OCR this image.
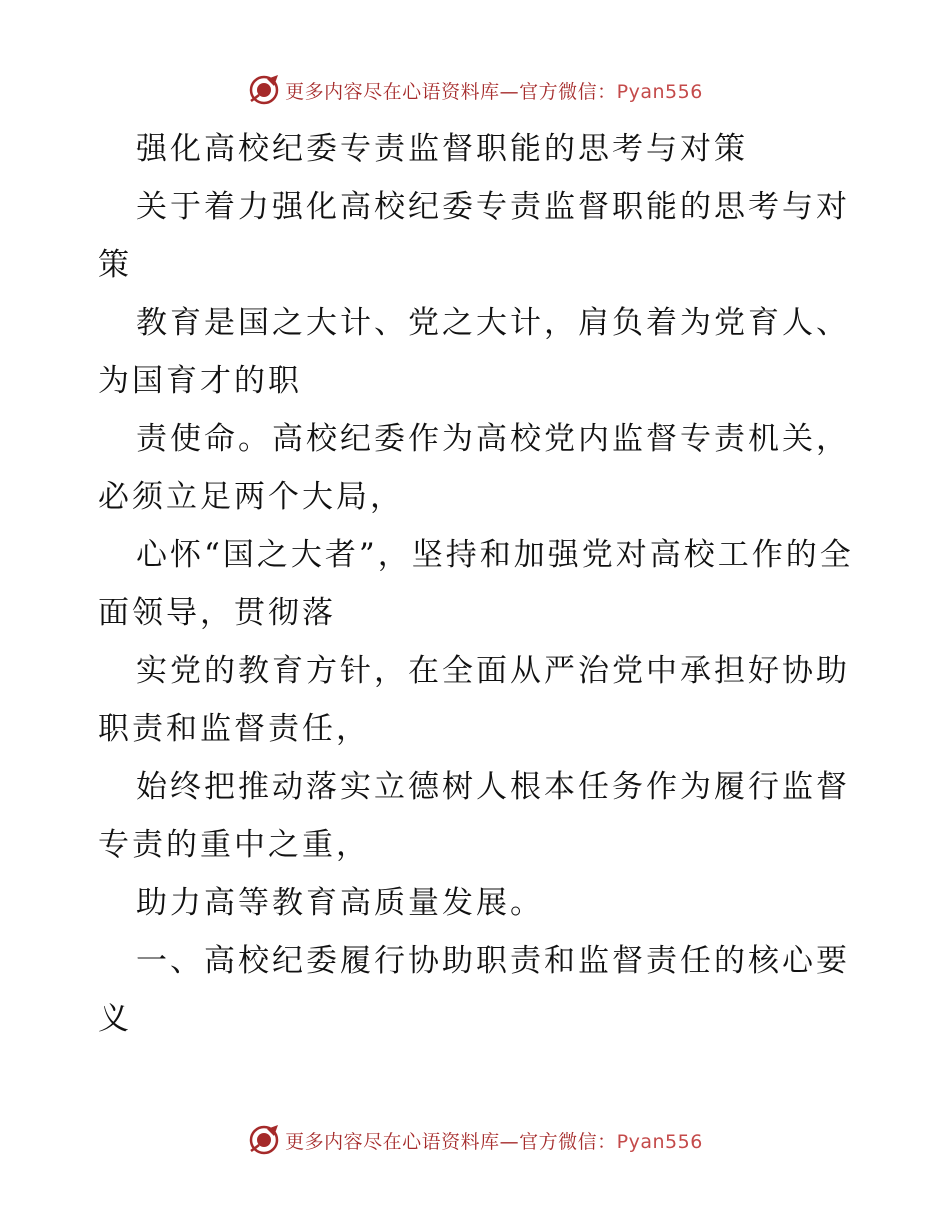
更多内容尽在心语资料库—官方微信：Pyan556

强化高校纪委专责监督职能的思考与对策

关于着力强化高校纪委专责监督职能的思考与对策

教育是国之大计、党之大计，肩负着为党育人、为国育才的职

责使命。高校纪委作为高校党内监督专责机关，必须立足两个大局，

心怀“国之大者”，坚持和加强党对高校工作的全面领导，贯彻落

实党的教育方针，在全面从严治党中承担好协助职责和监督责任，

始终把推动落实立德树人根本任务作为履行监督专责的重中之重，

助力高等教育高质量发展。

一、高校纪委履行协助职责和监督责任的核心要义

更多内容尽在心语资料库—官方微信：Pyan556
